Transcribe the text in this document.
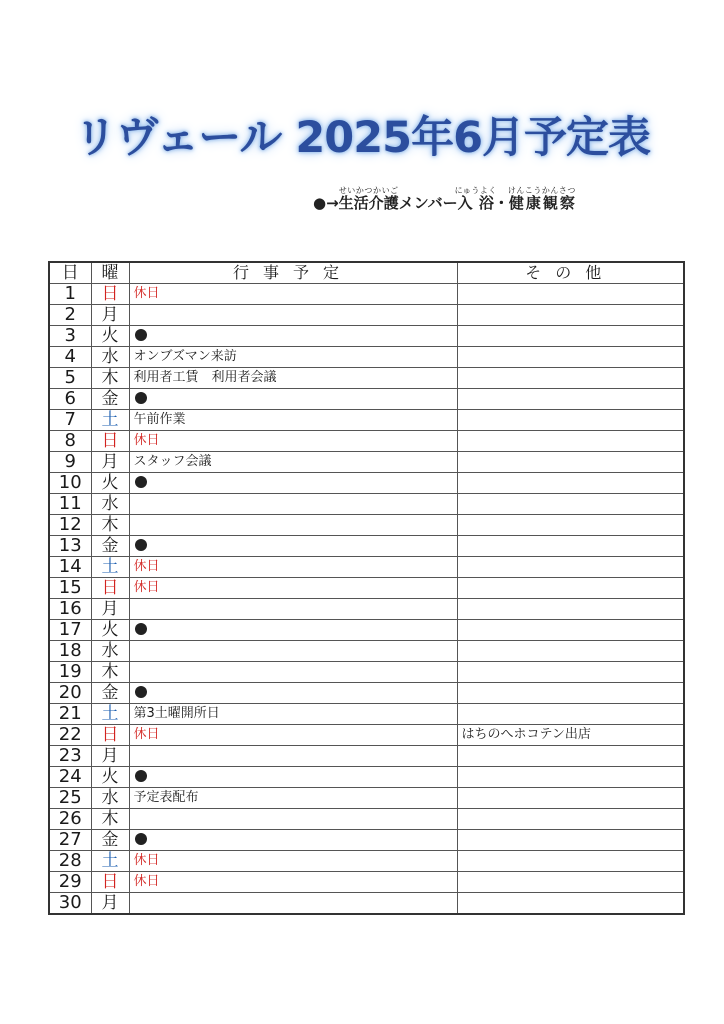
リヴェール 2025年6月予定表
●→生活介護せいかつかいごメンバー入浴にゅうよく・健康観察けんこうかんさつ
日	曜	行事予定	その他
1	日	休日	
2	月		
3	火		
4	水	オンブズマン来訪	
5	木	利用者工賃　利用者会議	
6	金		
7	土	午前作業	
8	日	休日	
9	月	スタッフ会議	
10	火		
11	水		
12	木		
13	金		
14	土	休日	
15	日	休日	
16	月		
17	火		
18	水		
19	木		
20	金		
21	土	第3土曜開所日	
22	日	休日	はちのへホコテン出店
23	月		
24	火		
25	水	予定表配布	
26	木		
27	金		
28	土	休日	
29	日	休日	
30	月		
